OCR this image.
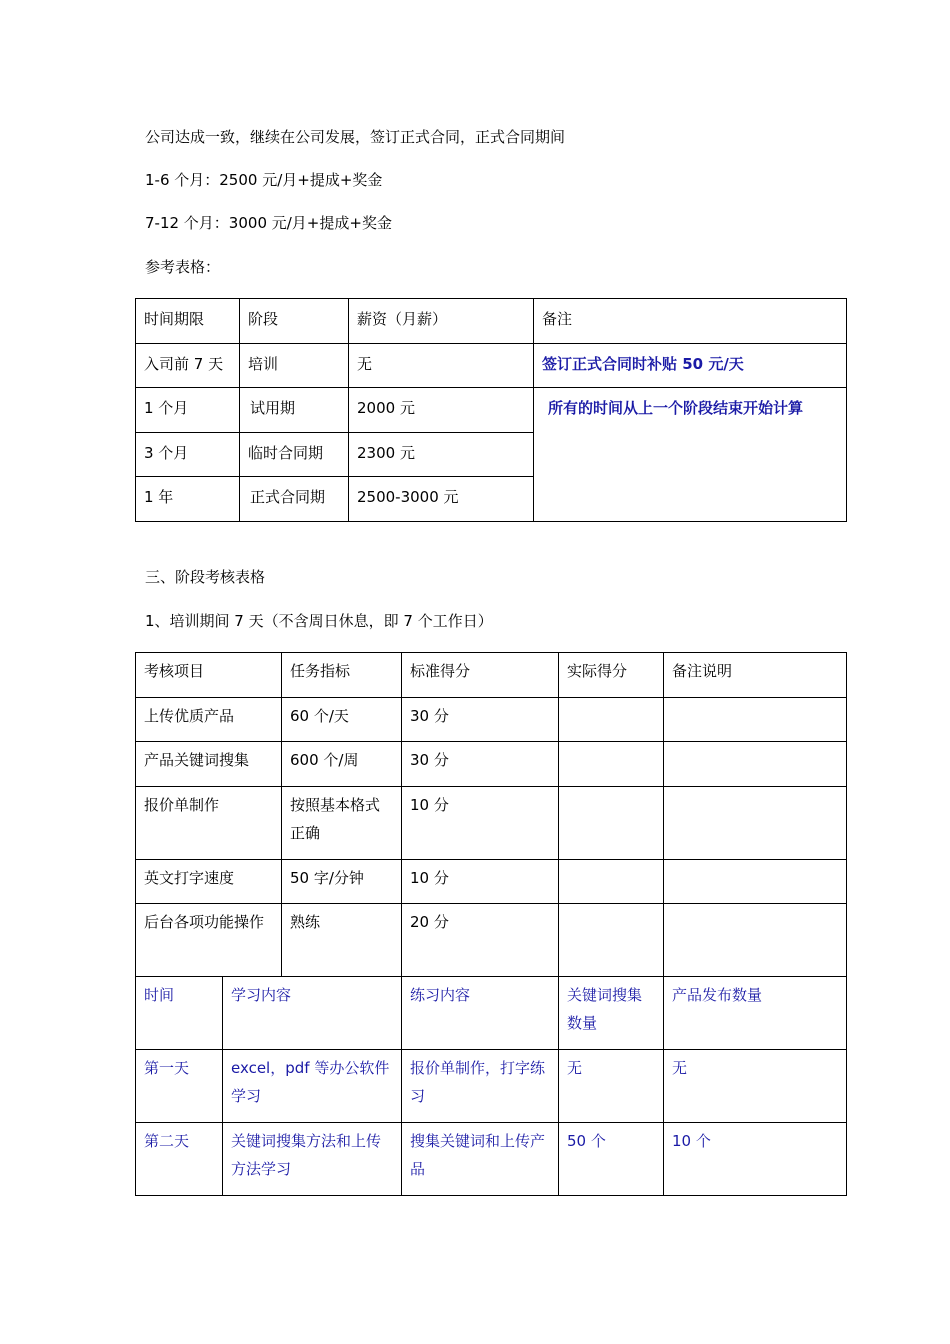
公司达成一致，继续在公司发展，签订正式合同，正式合同期间
1-6 个月：2500 元/月+提成+奖金
7-12 个月：3000 元/月+提成+奖金
参考表格：
时间期限	阶段	薪资（月薪）	备注
入司前 7 天	培训	无	签订正式合同时补贴 50 元/天
1 个月	试用期	2000 元	所有的时间从上一个阶段结束开始计算
3 个月	临时合同期	2300 元	
1 年	正式合同期	2500-3000 元	
三、阶段考核表格
1、培训期间 7 天（不含周日休息，即 7 个工作日）
考核项目		任务指标	标准得分	实际得分	备注说明
上传优质产品		60 个/天	30 分		
产品关键词搜集		600 个/周	30 分		
报价单制作		按照基本格式正确	10 分		
英文打字速度		50 字/分钟	10 分		
后台各项功能操作		熟练	20 分		
时间	学习内容		练习内容	关键词搜集数量	产品发布数量
第一天	excel，pdf 等办公软件学习		报价单制作，打字练习	无	无
第二天	关键词搜集方法和上传方法学习		搜集关键词和上传产品	50 个	10 个
